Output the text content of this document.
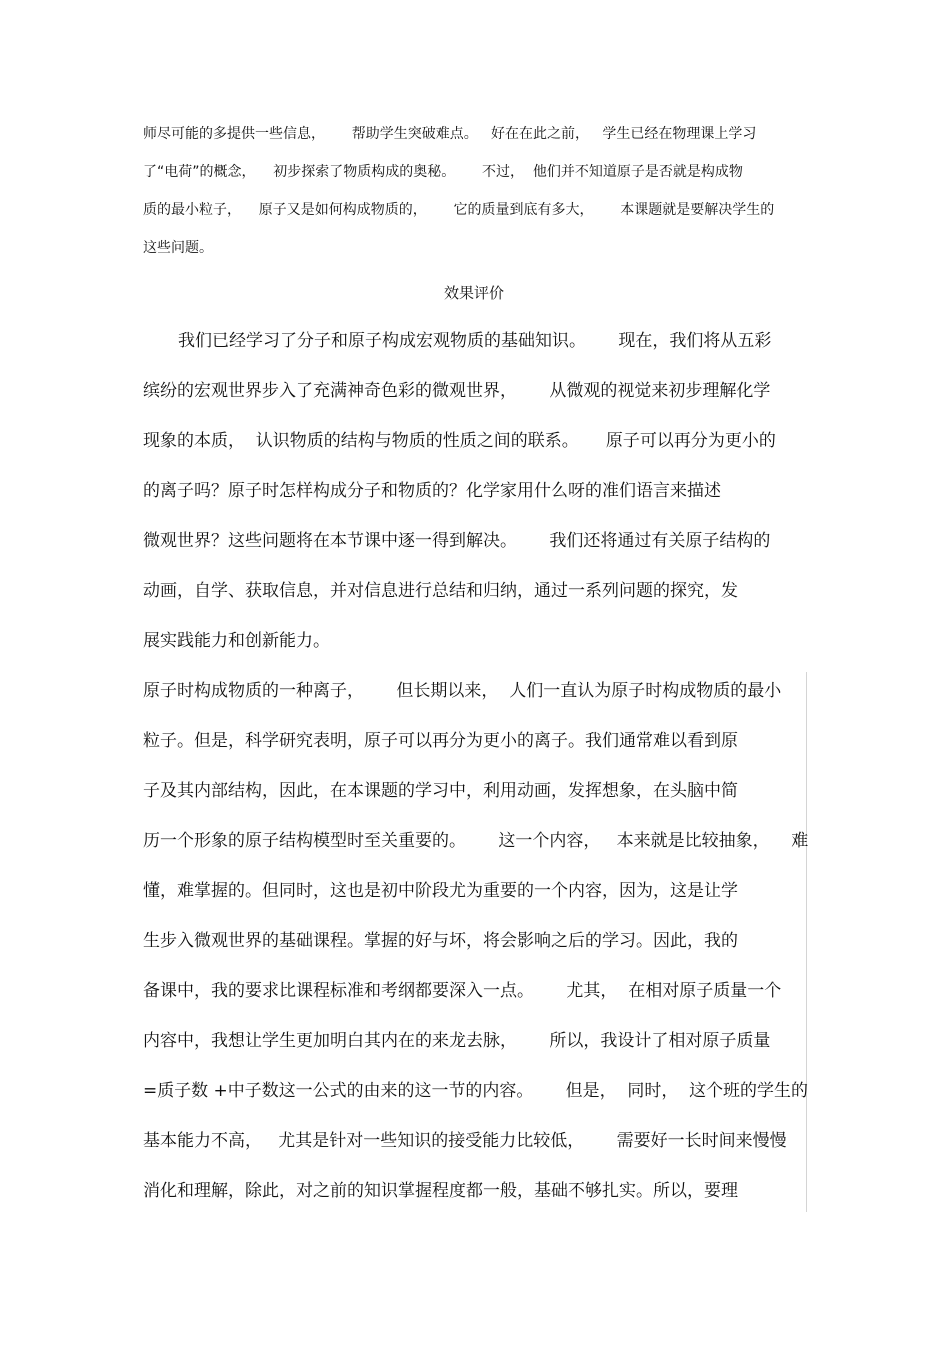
师尽可能的多提供一些信息，      帮助学生突破难点。   好在在此之前，   学生已经在物理课上学习

了“电荷”的概念，    初步探索了物质构成的奥秘。      不过，  他们并不知道原子是否就是构成物

质的最小粒子，    原子又是如何构成物质的，      它的质量到底有多大，      本课题就是要解决学生的

这些问题。

效果评价

我们已经学习了分子和原子构成宏观物质的基础知识。      现在，我们将从五彩

缤纷的宏观世界步入了充满神奇色彩的微观世界，      从微观的视觉来初步理解化学

现象的本质，  认识物质的结构与物质的性质之间的联系。     原子可以再分为更小的

的离子吗？原子时怎样构成分子和物质的？化学家用什么呀的准们语言来描述

微观世界？这些问题将在本节课中逐一得到解决。      我们还将通过有关原子结构的

动画，自学、获取信息，并对信息进行总结和归纳，通过一系列问题的探究，发

展实践能力和创新能力。

原子时构成物质的一种离子，      但长期以来，  人们一直认为原子时构成物质的最小

粒子。但是，科学研究表明，原子可以再分为更小的离子。我们通常难以看到原

子及其内部结构，因此，在本课题的学习中，利用动画，发挥想象，在头脑中简

历一个形象的原子结构模型时至关重要的。      这一个内容，   本来就是比较抽象，    难

懂，难掌握的。但同时，这也是初中阶段尤为重要的一个内容，因为，这是让学

生步入微观世界的基础课程。掌握的好与坏，将会影响之后的学习。因此，我的

备课中，我的要求比课程标准和考纲都要深入一点。      尤其，  在相对原子质量一个

内容中，我想让学生更加明白其内在的来龙去脉，      所以，我设计了相对原子质量

=质子数 +中子数这一公式的由来的这一节的内容。      但是，  同时，  这个班的学生的

基本能力不高，   尤其是针对一些知识的接受能力比较低，      需要好一长时间来慢慢

消化和理解，除此，对之前的知识掌握程度都一般，基础不够扎实。所以，要理
